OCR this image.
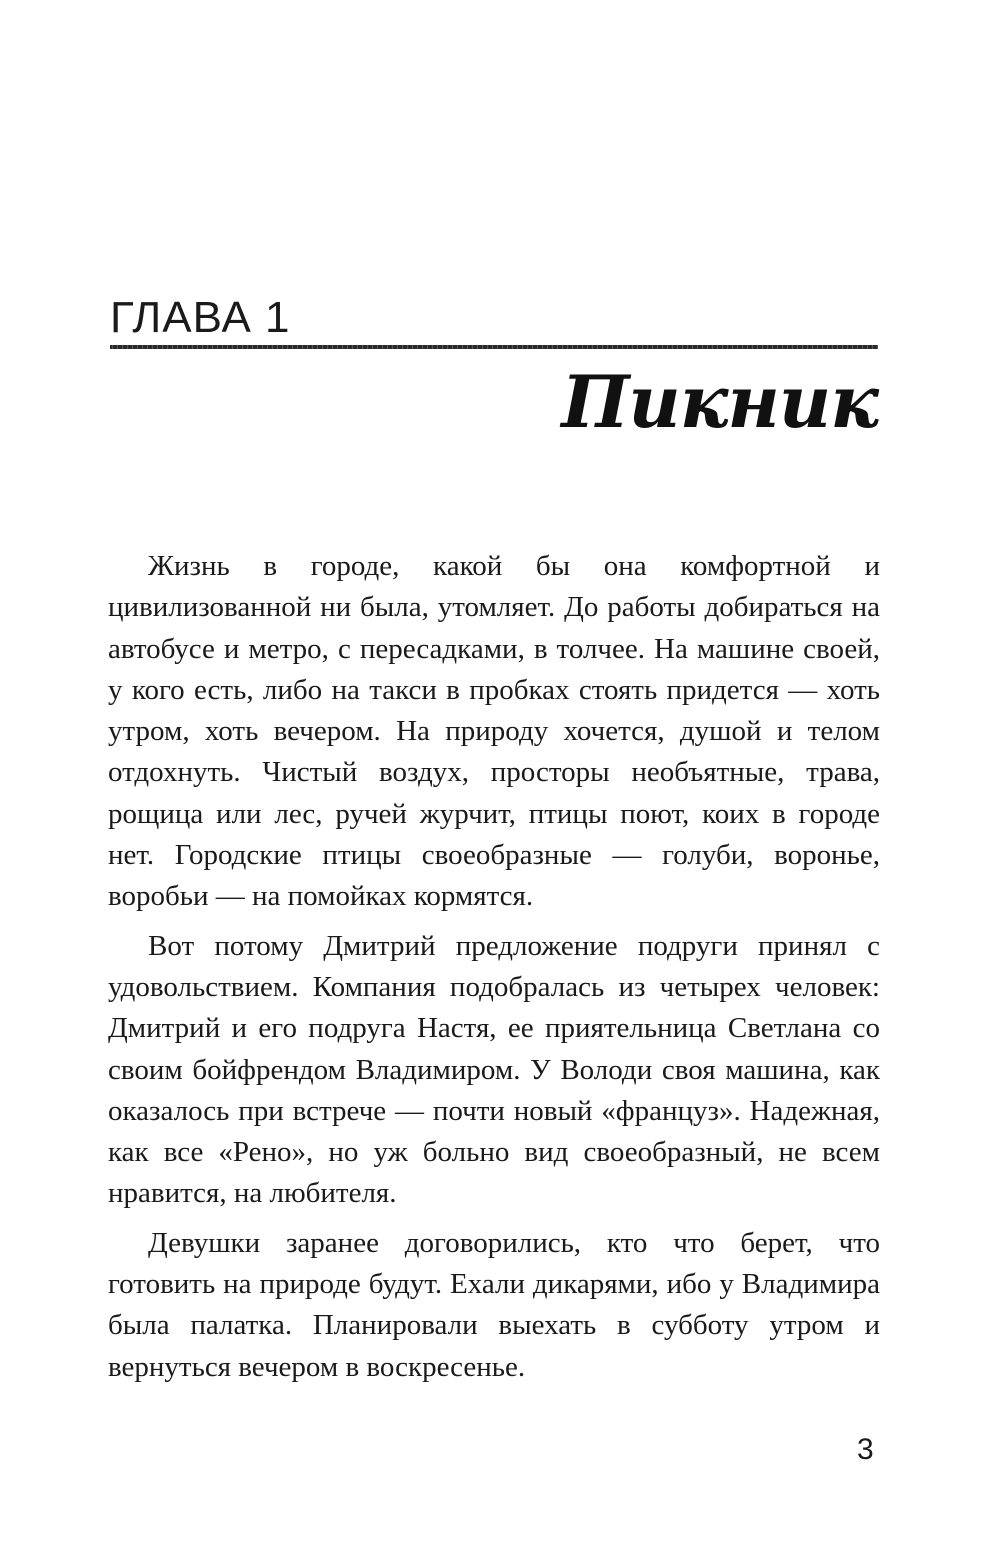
ГЛАВА 1
Пикник

Жизнь в городе, какой бы она комфортной и цивилизованной ни была, утомляет. До работы добираться на автобусе и метро, с пересадками, в толчее. На машине своей, у кого есть, либо на такси в пробках стоять придется — хоть утром, хоть вечером. На природу хочется, душой и телом отдохнуть. Чистый воздух, просторы необъятные, трава, рощица или лес, ручей журчит, птицы поют, коих в городе нет. Городские птицы своеобразные — голуби, воронье, воробьи — на помойках кормятся.

Вот потому Дмитрий предложение подруги принял с удовольствием. Компания подобралась из четырех человек: Дмитрий и его подруга Настя, ее приятельница Светлана со своим бойфрендом Владимиром. У Володи своя машина, как оказалось при встрече — почти новый «француз». Надежная, как все «Рено», но уж больно вид своеобразный, не всем нравится, на любителя.

Девушки заранее договорились, кто что берет, что готовить на природе будут. Ехали дикарями, ибо у Владимира была палатка. Планировали выехать в субботу утром и вернуться вечером в воскресенье.

3
